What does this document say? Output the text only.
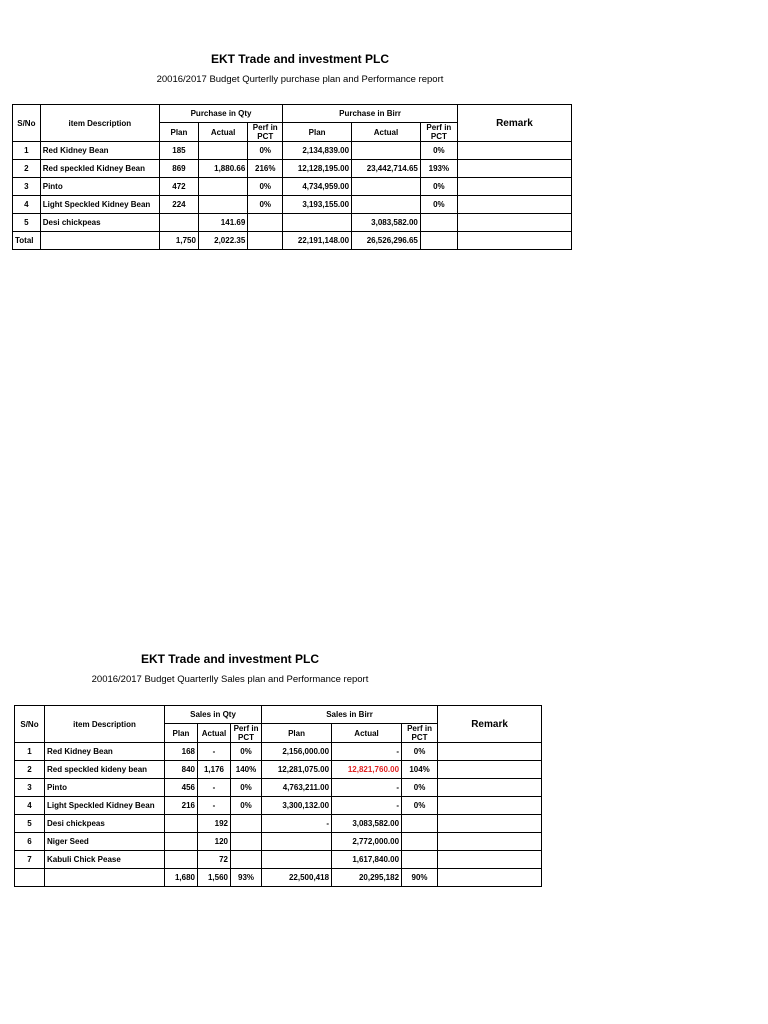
EKT Trade and investment PLC
20016/2017 Budget Qurterlly purchase plan and Performance report
S/No	item Description	Purchase in Qty			Purchase in Birr			Remark
		Plan	Actual	Perf in PCT	Plan	Actual	Perf in PCT	
1	Red Kidney Bean	185		0%	2,134,839.00		0%	
2	Red speckled Kidney Bean	869	1,880.66	216%	12,128,195.00	23,442,714.65	193%	
3	Pinto	472		0%	4,734,959.00		0%	
4	Light Speckled Kidney Bean	224		0%	3,193,155.00		0%	
5	Desi chickpeas		141.69			3,083,582.00		
Total		1,750	2,022.35		22,191,148.00	26,526,296.65		
EKT Trade and investment PLC
20016/2017 Budget Quarterlly Sales plan and Performance report
S/No	item Description	Sales in Qty			Sales in Birr			Remark
		Plan	Actual	Perf in PCT	Plan	Actual	Perf in PCT	
1	Red Kidney Bean	168	-	0%	2,156,000.00	-	0%	
2	Red speckled kideny bean	840	1,176	140%	12,281,075.00	12,821,760.00	104%	
3	Pinto	456	-	0%	4,763,211.00	-	0%	
4	Light Speckled Kidney Bean	216	-	0%	3,300,132.00	-	0%	
5	Desi chickpeas		192		-	3,083,582.00		
6	Niger Seed		120			2,772,000.00		
7	Kabuli Chick Pease		72			1,617,840.00		
		1,680	1,560	93%	22,500,418	20,295,182	90%	
